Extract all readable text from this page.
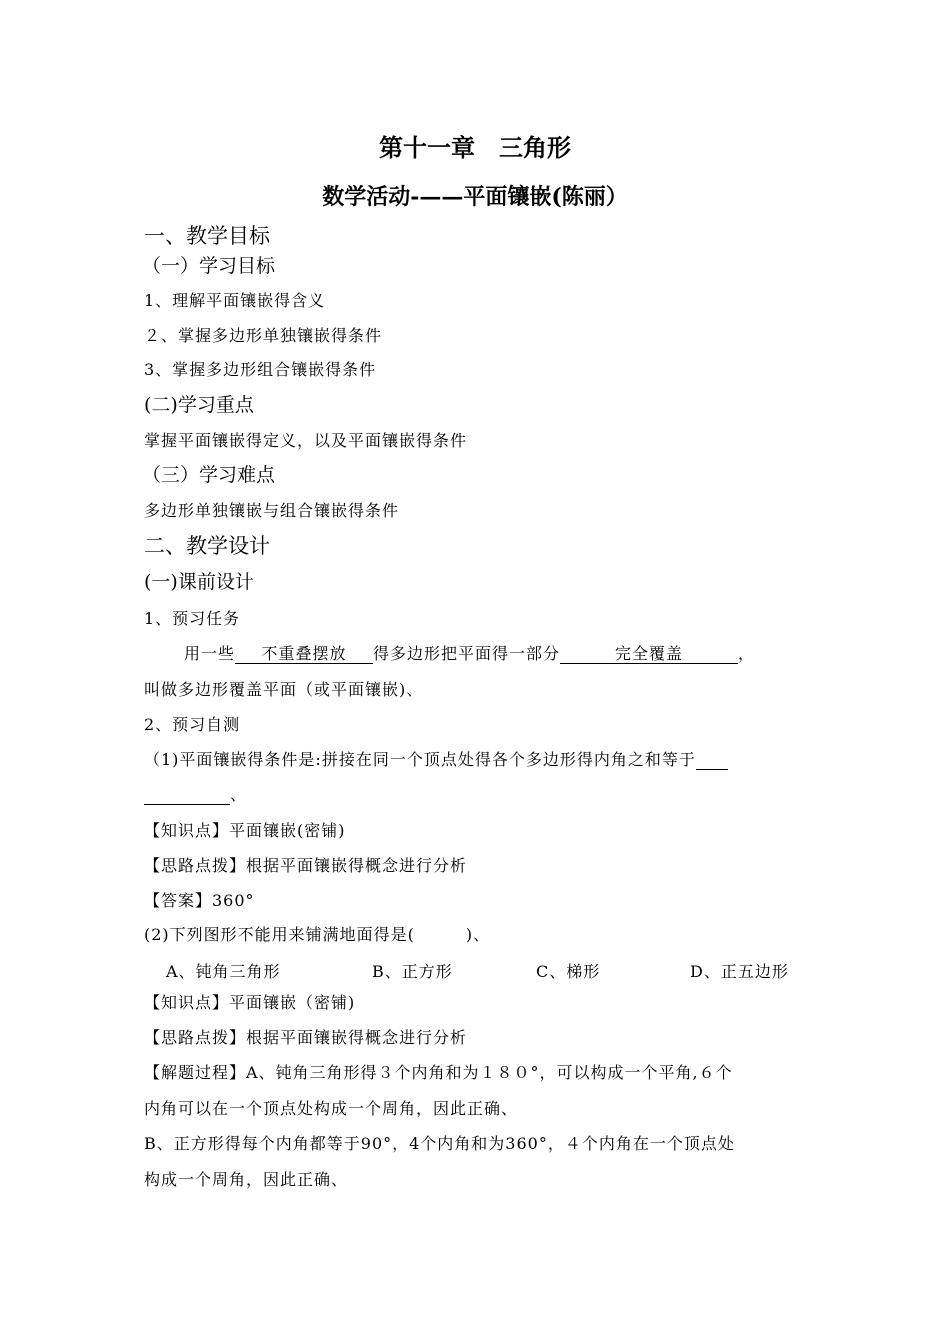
第十一章　三角形
数学活动-——平面镶嵌(陈丽）
一、教学目标
（一）学习目标
1、理解平面镶嵌得含义
２、掌握多边形单独镶嵌得条件
3、掌握多边形组合镶嵌得条件
(二)学习重点
掌握平面镶嵌得定义，以及平面镶嵌得条件
（三）学习难点
多边形单独镶嵌与组合镶嵌得条件
二、教学设计
(一)课前设计
1、预习任务
用一些 不重叠摆放 得多边形把平面得一部分	完全覆盖	，
叫做多边形覆盖平面（或平面镶嵌)、
2、预习自测
（1)平面镶嵌得条件是:拼接在同一个顶点处得各个多边形得内角之和等于
、
【知识点】平面镶嵌(密铺)
【思路点拨】根据平面镶嵌得概念进行分析
【答案】360°
(2)下列图形不能用来铺满地面得是(　　　)、
A、钝角三角形	B、正方形	C、梯形	D、正五边形
【知识点】平面镶嵌（密铺)
【思路点拨】根据平面镶嵌得概念进行分析
【解题过程】A、钝角三角形得３个内角和为１８０°，可以构成一个平角,６个
内角可以在一个顶点处构成一个周角，因此正确、
B、正方形得每个内角都等于90°，4个内角和为360°，４个内角在一个顶点处
构成一个周角，因此正确、
